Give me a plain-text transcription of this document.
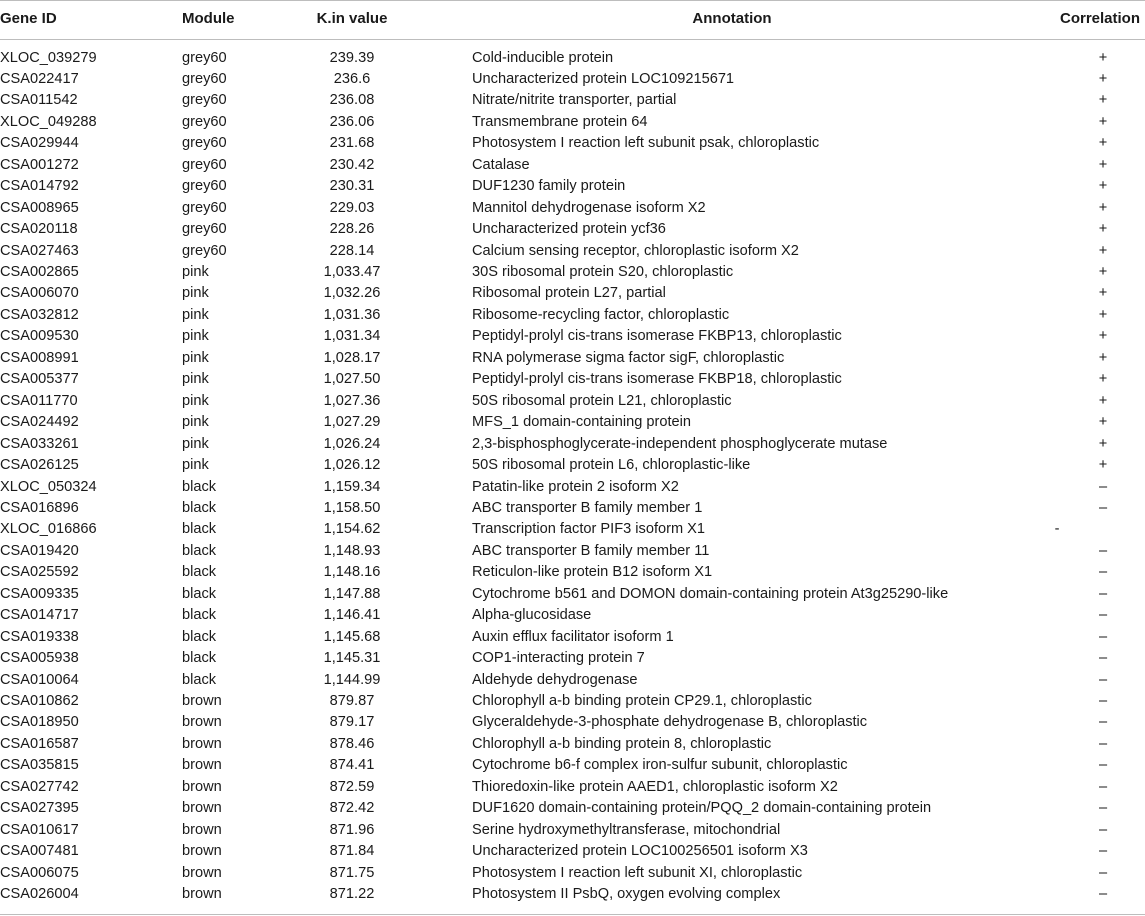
Gene ID	Module	K.in value	Annotation	Correlation
XLOC_039279	grey60	239.39	Cold-inducible protein	+
CSA022417	grey60	236.6	Uncharacterized protein LOC109215671	+
CSA011542	grey60	236.08	Nitrate/nitrite transporter, partial	+
XLOC_049288	grey60	236.06	Transmembrane protein 64	+
CSA029944	grey60	231.68	Photosystem I reaction left subunit psak, chloroplastic	+
CSA001272	grey60	230.42	Catalase	+
CSA014792	grey60	230.31	DUF1230 family protein	+
CSA008965	grey60	229.03	Mannitol dehydrogenase isoform X2	+
CSA020118	grey60	228.26	Uncharacterized protein ycf36	+
CSA027463	grey60	228.14	Calcium sensing receptor, chloroplastic isoform X2	+
CSA002865	pink	1,033.47	30S ribosomal protein S20, chloroplastic	+
CSA006070	pink	1,032.26	Ribosomal protein L27, partial	+
CSA032812	pink	1,031.36	Ribosome-recycling factor, chloroplastic	+
CSA009530	pink	1,031.34	Peptidyl-prolyl cis-trans isomerase FKBP13, chloroplastic	+
CSA008991	pink	1,028.17	RNA polymerase sigma factor sigF, chloroplastic	+
CSA005377	pink	1,027.50	Peptidyl-prolyl cis-trans isomerase FKBP18, chloroplastic	+
CSA011770	pink	1,027.36	50S ribosomal protein L21, chloroplastic	+
CSA024492	pink	1,027.29	MFS_1 domain-containing protein	+
CSA033261	pink	1,026.24	2,3-bisphosphoglycerate-independent phosphoglycerate mutase	+
CSA026125	pink	1,026.12	50S ribosomal protein L6, chloroplastic-like	+
XLOC_050324	black	1,159.34	Patatin-like protein 2 isoform X2	–
CSA016896	black	1,158.50	ABC transporter B family member 1	–
XLOC_016866	black	1,154.62	Transcription factor PIF3 isoform X1	-
CSA019420	black	1,148.93	ABC transporter B family member 11	–
CSA025592	black	1,148.16	Reticulon-like protein B12 isoform X1	–
CSA009335	black	1,147.88	Cytochrome b561 and DOMON domain-containing protein At3g25290-like	–
CSA014717	black	1,146.41	Alpha-glucosidase	–
CSA019338	black	1,145.68	Auxin efflux facilitator isoform 1	–
CSA005938	black	1,145.31	COP1-interacting protein 7	–
CSA010064	black	1,144.99	Aldehyde dehydrogenase	–
CSA010862	brown	879.87	Chlorophyll a-b binding protein CP29.1, chloroplastic	–
CSA018950	brown	879.17	Glyceraldehyde-3-phosphate dehydrogenase B, chloroplastic	–
CSA016587	brown	878.46	Chlorophyll a-b binding protein 8, chloroplastic	–
CSA035815	brown	874.41	Cytochrome b6-f complex iron-sulfur subunit, chloroplastic	–
CSA027742	brown	872.59	Thioredoxin-like protein AAED1, chloroplastic isoform X2	–
CSA027395	brown	872.42	DUF1620 domain-containing protein/PQQ_2 domain-containing protein	–
CSA010617	brown	871.96	Serine hydroxymethyltransferase, mitochondrial	–
CSA007481	brown	871.84	Uncharacterized protein LOC100256501 isoform X3	–
CSA006075	brown	871.75	Photosystem I reaction left subunit XI, chloroplastic	–
CSA026004	brown	871.22	Photosystem II PsbQ, oxygen evolving complex	–
